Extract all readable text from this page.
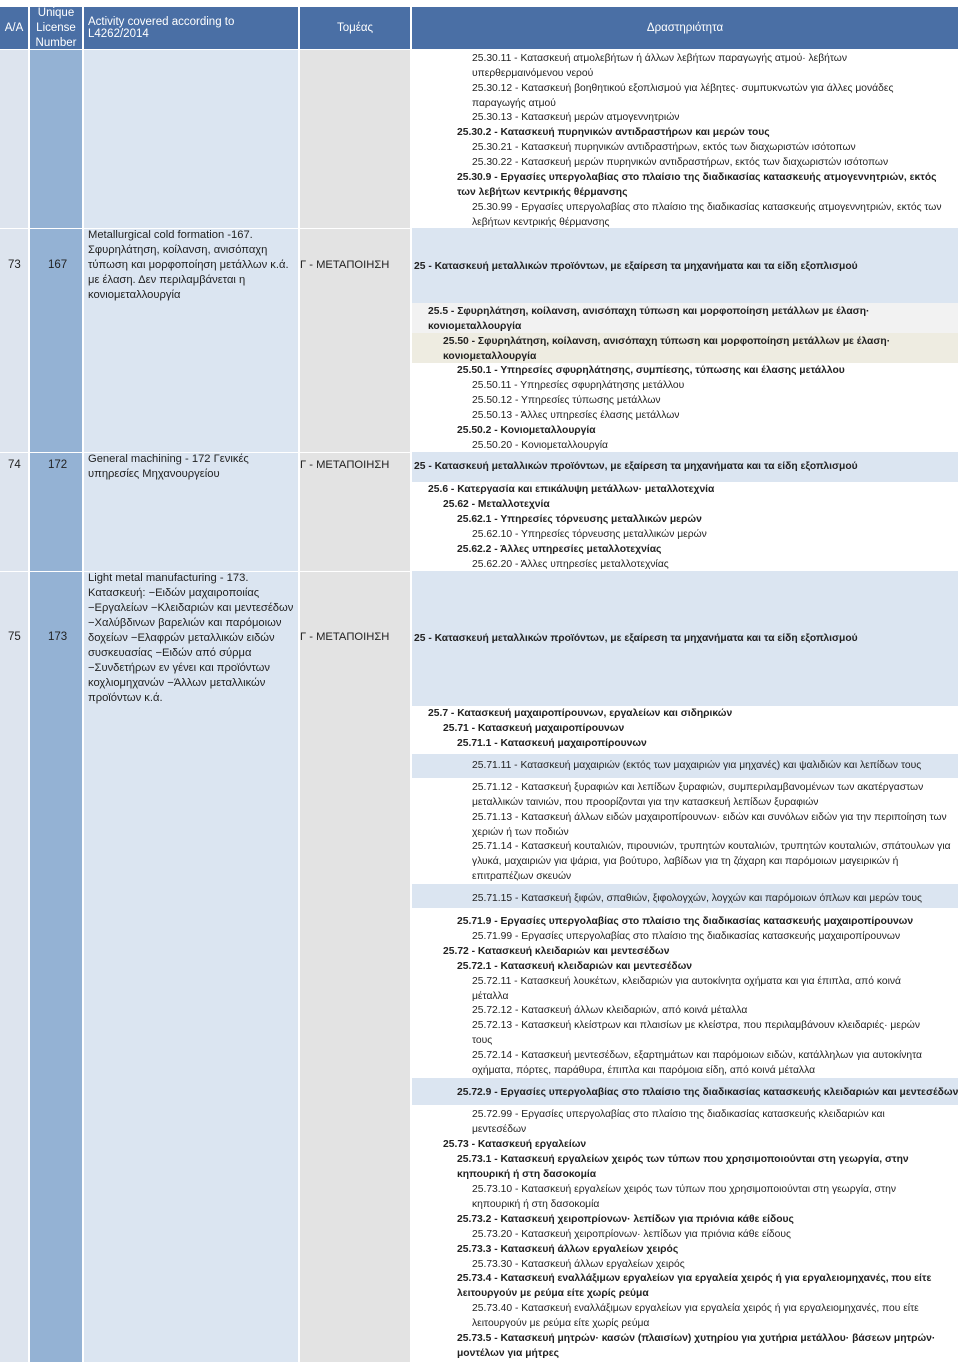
Α/Α
Unique License Number
Activity covered according to L4262/2014	Τομέας	Δραστηριότητα
73 167
Metallurgical cold formation -167. Σφυρηλάτηση, κοίλανση, ανισόπαχη τύπωση και μορφοποίηση μετάλλων κ.ά. με έλαση. Δεν περιλαμβάνεται η κονιομεταλλουργία
Γ - ΜΕΤΑΠΟΙΗΣΗ 25 - Κατασκευή μεταλλικών προϊόντων, με εξαίρεση τα μηχανήματα και τα είδη εξοπλισμού
74 172 General machining - 172 Γενικές υπηρεσίες Μηχανουργείου
Γ - ΜΕΤΑΠΟΙΗΣΗ 25 - Κατασκευή μεταλλικών προϊόντων, με εξαίρεση τα μηχανήματα και τα είδη εξοπλισμού
75 173
Light metal manufacturing - 173. Κατασκευή: −Ειδών μαχαιροποιίας −Εργαλείων −Κλειδαριών και μεντεσέδων −Χαλύβδινων βαρελιών και παρόμοιων δοχείων −Ελαφρών μεταλλικών ειδών συσκευασίας −Ειδών από σύρμα −Συνδετήρων εν γένει και προϊόντων κοχλιομηχανών −Άλλων μεταλλικών προϊόντων κ.ά.
Γ - ΜΕΤΑΠΟΙΗΣΗ 25 - Κατασκευή μεταλλικών προϊόντων, με εξαίρεση τα μηχανήματα και τα είδη εξοπλισμού
25.30.11 - Κατασκευή ατμολεβήτων ή άλλων λεβήτων παραγωγής ατμού· λεβήτων υπερθερμαινόμενου νερού
25.30.12 - Κατασκευή βοηθητικού εξοπλισμού για λέβητες· συμπυκνωτών για άλλες μονάδες παραγωγής ατμού
25.30.13 - Κατασκευή μερών ατμογεννητριών
25.30.2 - Κατασκευή πυρηνικών αντιδραστήρων και μερών τους
25.30.21 - Κατασκευή πυρηνικών αντιδραστήρων, εκτός των διαχωριστών ισότοπων
25.30.22 - Κατασκευή μερών πυρηνικών αντιδραστήρων, εκτός των διαχωριστών ισότοπων
25.30.9 - Εργασίες υπεργολαβίας στο πλαίσιο της διαδικασίας κατασκευής ατμογεννητριών, εκτός των λεβήτων κεντρικής θέρμανσης
25.30.99 - Εργασίες υπεργολαβίας στο πλαίσιο της διαδικασίας κατασκευής ατμογεννητριών, εκτός των λεβήτων κεντρικής θέρμανσης
25.5 - Σφυρηλάτηση, κοίλανση, ανισόπαχη τύπωση και μορφοποίηση μετάλλων με έλαση· κονιομεταλλουργία
25.50 - Σφυρηλάτηση, κοίλανση, ανισόπαχη τύπωση και μορφοποίηση μετάλλων με έλαση· κονιομεταλλουργία
25.50.1 - Υπηρεσίες σφυρηλάτησης, συμπίεσης, τύπωσης και έλασης μετάλλου
25.50.11 - Υπηρεσίες σφυρηλάτησης μετάλλου
25.50.12 - Υπηρεσίες τύπωσης μετάλλων
25.50.13 - Άλλες υπηρεσίες έλασης μετάλλων
25.50.2 - Κονιομεταλλουργία
25.50.20 - Κονιομεταλλουργία
25.6 - Κατεργασία και επικάλυψη μετάλλων· μεταλλοτεχνία
25.62 - Μεταλλοτεχνία
25.62.1 - Υπηρεσίες τόρνευσης μεταλλικών μερών
25.62.10 - Υπηρεσίες τόρνευσης μεταλλικών μερών
25.62.2 - Άλλες υπηρεσίες μεταλλοτεχνίας
25.62.20 - Άλλες υπηρεσίες μεταλλοτεχνίας
25.7 - Κατασκευή μαχαιροπίρουνων, εργαλείων και σιδηρικών
25.71 - Κατασκευή μαχαιροπίρουνων
25.71.1 - Κατασκευή μαχαιροπίρουνων
25.71.11 - Κατασκευή μαχαιριών (εκτός των μαχαιριών για μηχανές) και ψαλιδιών και λεπίδων τους
25.71.12 - Κατασκευή ξυραφιών και λεπίδων ξυραφιών, συμπεριλαμβανομένων των ακατέργαστων μεταλλικών ταινιών, που προορίζονται για την κατασκευή λεπίδων ξυραφιών
25.71.13 - Κατασκευή άλλων ειδών μαχαιροπίρουνων· ειδών και συνόλων ειδών για την περιποίηση των χεριών ή των ποδιών
25.71.14 - Κατασκευή κουταλιών, πιρουνιών, τρυπητών κουταλιών, τρυπητών κουταλιών, σπάτουλων για γλυκά, μαχαιριών για ψάρια, για βούτυρο, λαβίδων για τη ζάχαρη και παρόμοιων μαγειρικών ή επιτραπέζιων σκευών
25.71.15 - Κατασκευή ξιφών, σπαθιών, ξιφολογχών, λογχών και παρόμοιων όπλων και μερών τους
25.71.9 - Εργασίες υπεργολαβίας στο πλαίσιο της διαδικασίας κατασκευής μαχαιροπίρουνων
25.71.99 - Εργασίες υπεργολαβίας στο πλαίσιο της διαδικασίας κατασκευής μαχαιροπίρουνων
25.72 - Κατασκευή κλειδαριών και μεντεσέδων
25.72.1 - Κατασκευή κλειδαριών και μεντεσέδων
25.72.11 - Κατασκευή λουκέτων, κλειδαριών για αυτοκίνητα οχήματα και για έπιπλα, από κοινά μέταλλα
25.72.12 - Κατασκευή άλλων κλειδαριών, από κοινά μέταλλα
25.72.13 - Κατασκευή κλείστρων και πλαισίων με κλείστρα, που περιλαμβάνουν κλειδαριές· μερών τους
25.72.14 - Κατασκευή μεντεσέδων, εξαρτημάτων και παρόμοιων ειδών, κατάλληλων για αυτοκίνητα οχήματα, πόρτες, παράθυρα, έπιπλα και παρόμοια είδη, από κοινά μέταλλα
25.72.9 - Εργασίες υπεργολαβίας στο πλαίσιο της διαδικασίας κατασκευής κλειδαριών και μεντεσέδων
25.72.99 - Εργασίες υπεργολαβίας στο πλαίσιο της διαδικασίας κατασκευής κλειδαριών και μεντεσέδων
25.73 - Κατασκευή εργαλείων
25.73.1 - Κατασκευή εργαλείων χειρός των τύπων που χρησιμοποιούνται στη γεωργία, στην κηπουρική ή στη δασοκομία
25.73.10 - Κατασκευή εργαλείων χειρός των τύπων που χρησιμοποιούνται στη γεωργία, στην κηπουρική ή στη δασοκομία
25.73.2 - Κατασκευή χειροπρίονων· λεπίδων για πριόνια κάθε είδους
25.73.20 - Κατασκευή χειροπρίονων· λεπίδων για πριόνια κάθε είδους
25.73.3 - Κατασκευή άλλων εργαλείων χειρός
25.73.30 - Κατασκευή άλλων εργαλείων χειρός
25.73.4 - Κατασκευή εναλλάξιμων εργαλείων για εργαλεία χειρός ή για εργαλειομηχανές, που είτε λειτουργούν με ρεύμα είτε χωρίς ρεύμα
25.73.40 - Κατασκευή εναλλάξιμων εργαλείων για εργαλεία χειρός ή για εργαλειομηχανές, που είτε λειτουργούν με ρεύμα είτε χωρίς ρεύμα
25.73.5 - Κατασκευή μητρών· κασών (πλαισίων) χυτηρίου για χυτήρια μετάλλου· βάσεων μητρών· μοντέλων για μήτρες
